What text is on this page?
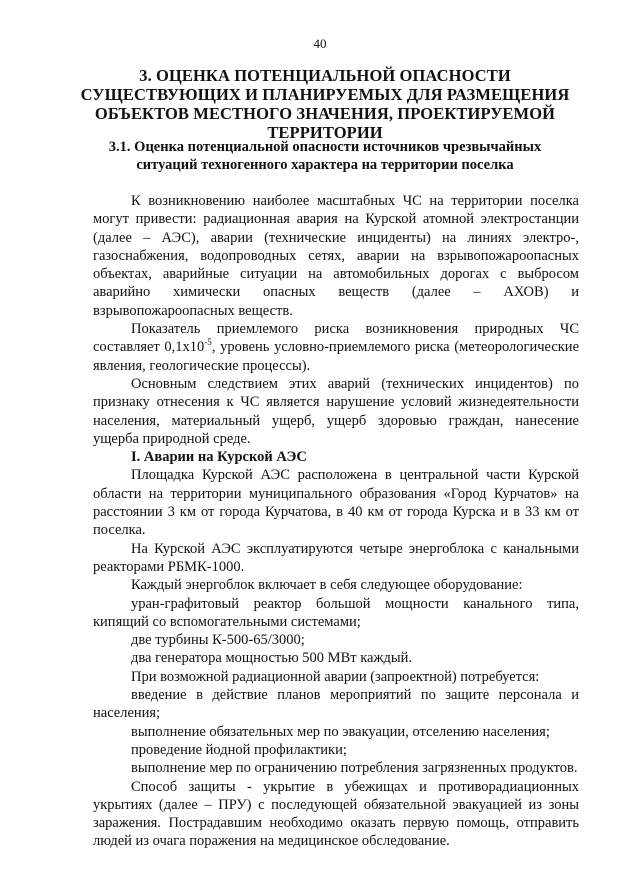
40
3. ОЦЕНКА ПОТЕНЦИАЛЬНОЙ ОПАСНОСТИ СУЩЕСТВУЮЩИХ И ПЛАНИРУЕМЫХ ДЛЯ РАЗМЕЩЕНИЯ ОБЪЕКТОВ МЕСТНОГО ЗНАЧЕНИЯ, ПРОЕКТИРУЕМОЙ ТЕРРИТОРИИ
3.1. Оценка потенциальной опасности источников чрезвычайных ситуаций техногенного характера на территории поселка

К возникновению наиболее масштабных ЧС на территории поселка могут привести: радиационная авария на Курской атомной электростанции (далее – АЭС), аварии (технические инциденты) на линиях электро-, газоснабжения, водопроводных сетях, аварии на взрывопожароопасных объектах, аварийные ситуации на автомобильных дорогах с выбросом аварийно химически опасных веществ (далее – АХОВ) и взрывопожароопасных веществ.

Показатель приемлемого риска возникновения природных ЧС составляет $0,1х10^{-5}$, уровень условно-приемлемого риска (метеорологические явления, геологические процессы).

Основным следствием этих аварий (технических инцидентов) по признаку отнесения к ЧС является нарушение условий жизнедеятельности населения, материальный ущерб, ущерб здоровью граждан, нанесение ущерба природной среде.

I. Аварии на Курской АЭС

Площадка Курской АЭС расположена в центральной части Курской области на территории муниципального образования «Город Курчатов» на расстоянии 3 км от города Курчатова, в 40 км от города Курска и в 33 км от поселка.

На Курской АЭС эксплуатируются четыре энергоблока с канальными реакторами РБМК-1000.

Каждый энергоблок включает в себя следующее оборудование:

уран-графитовый реактор большой мощности канального типа, кипящий со вспомогательными системами;

две турбины К-500-65/3000;

два генератора мощностью 500 МВт каждый.

При возможной радиационной аварии (запроектной) потребуется:

введение в действие планов мероприятий по защите персонала и населения;

выполнение обязательных мер по эвакуации, отселению населения;

проведение йодной профилактики;

выполнение мер по ограничению потребления загрязненных продуктов.

Способ защиты - укрытие в убежищах и противорадиационных укрытиях (далее – ПРУ) с последующей обязательной эвакуацией из зоны заражения. Пострадавшим необходимо оказать первую помощь, отправить людей из очага поражения на медицинское обследование.
